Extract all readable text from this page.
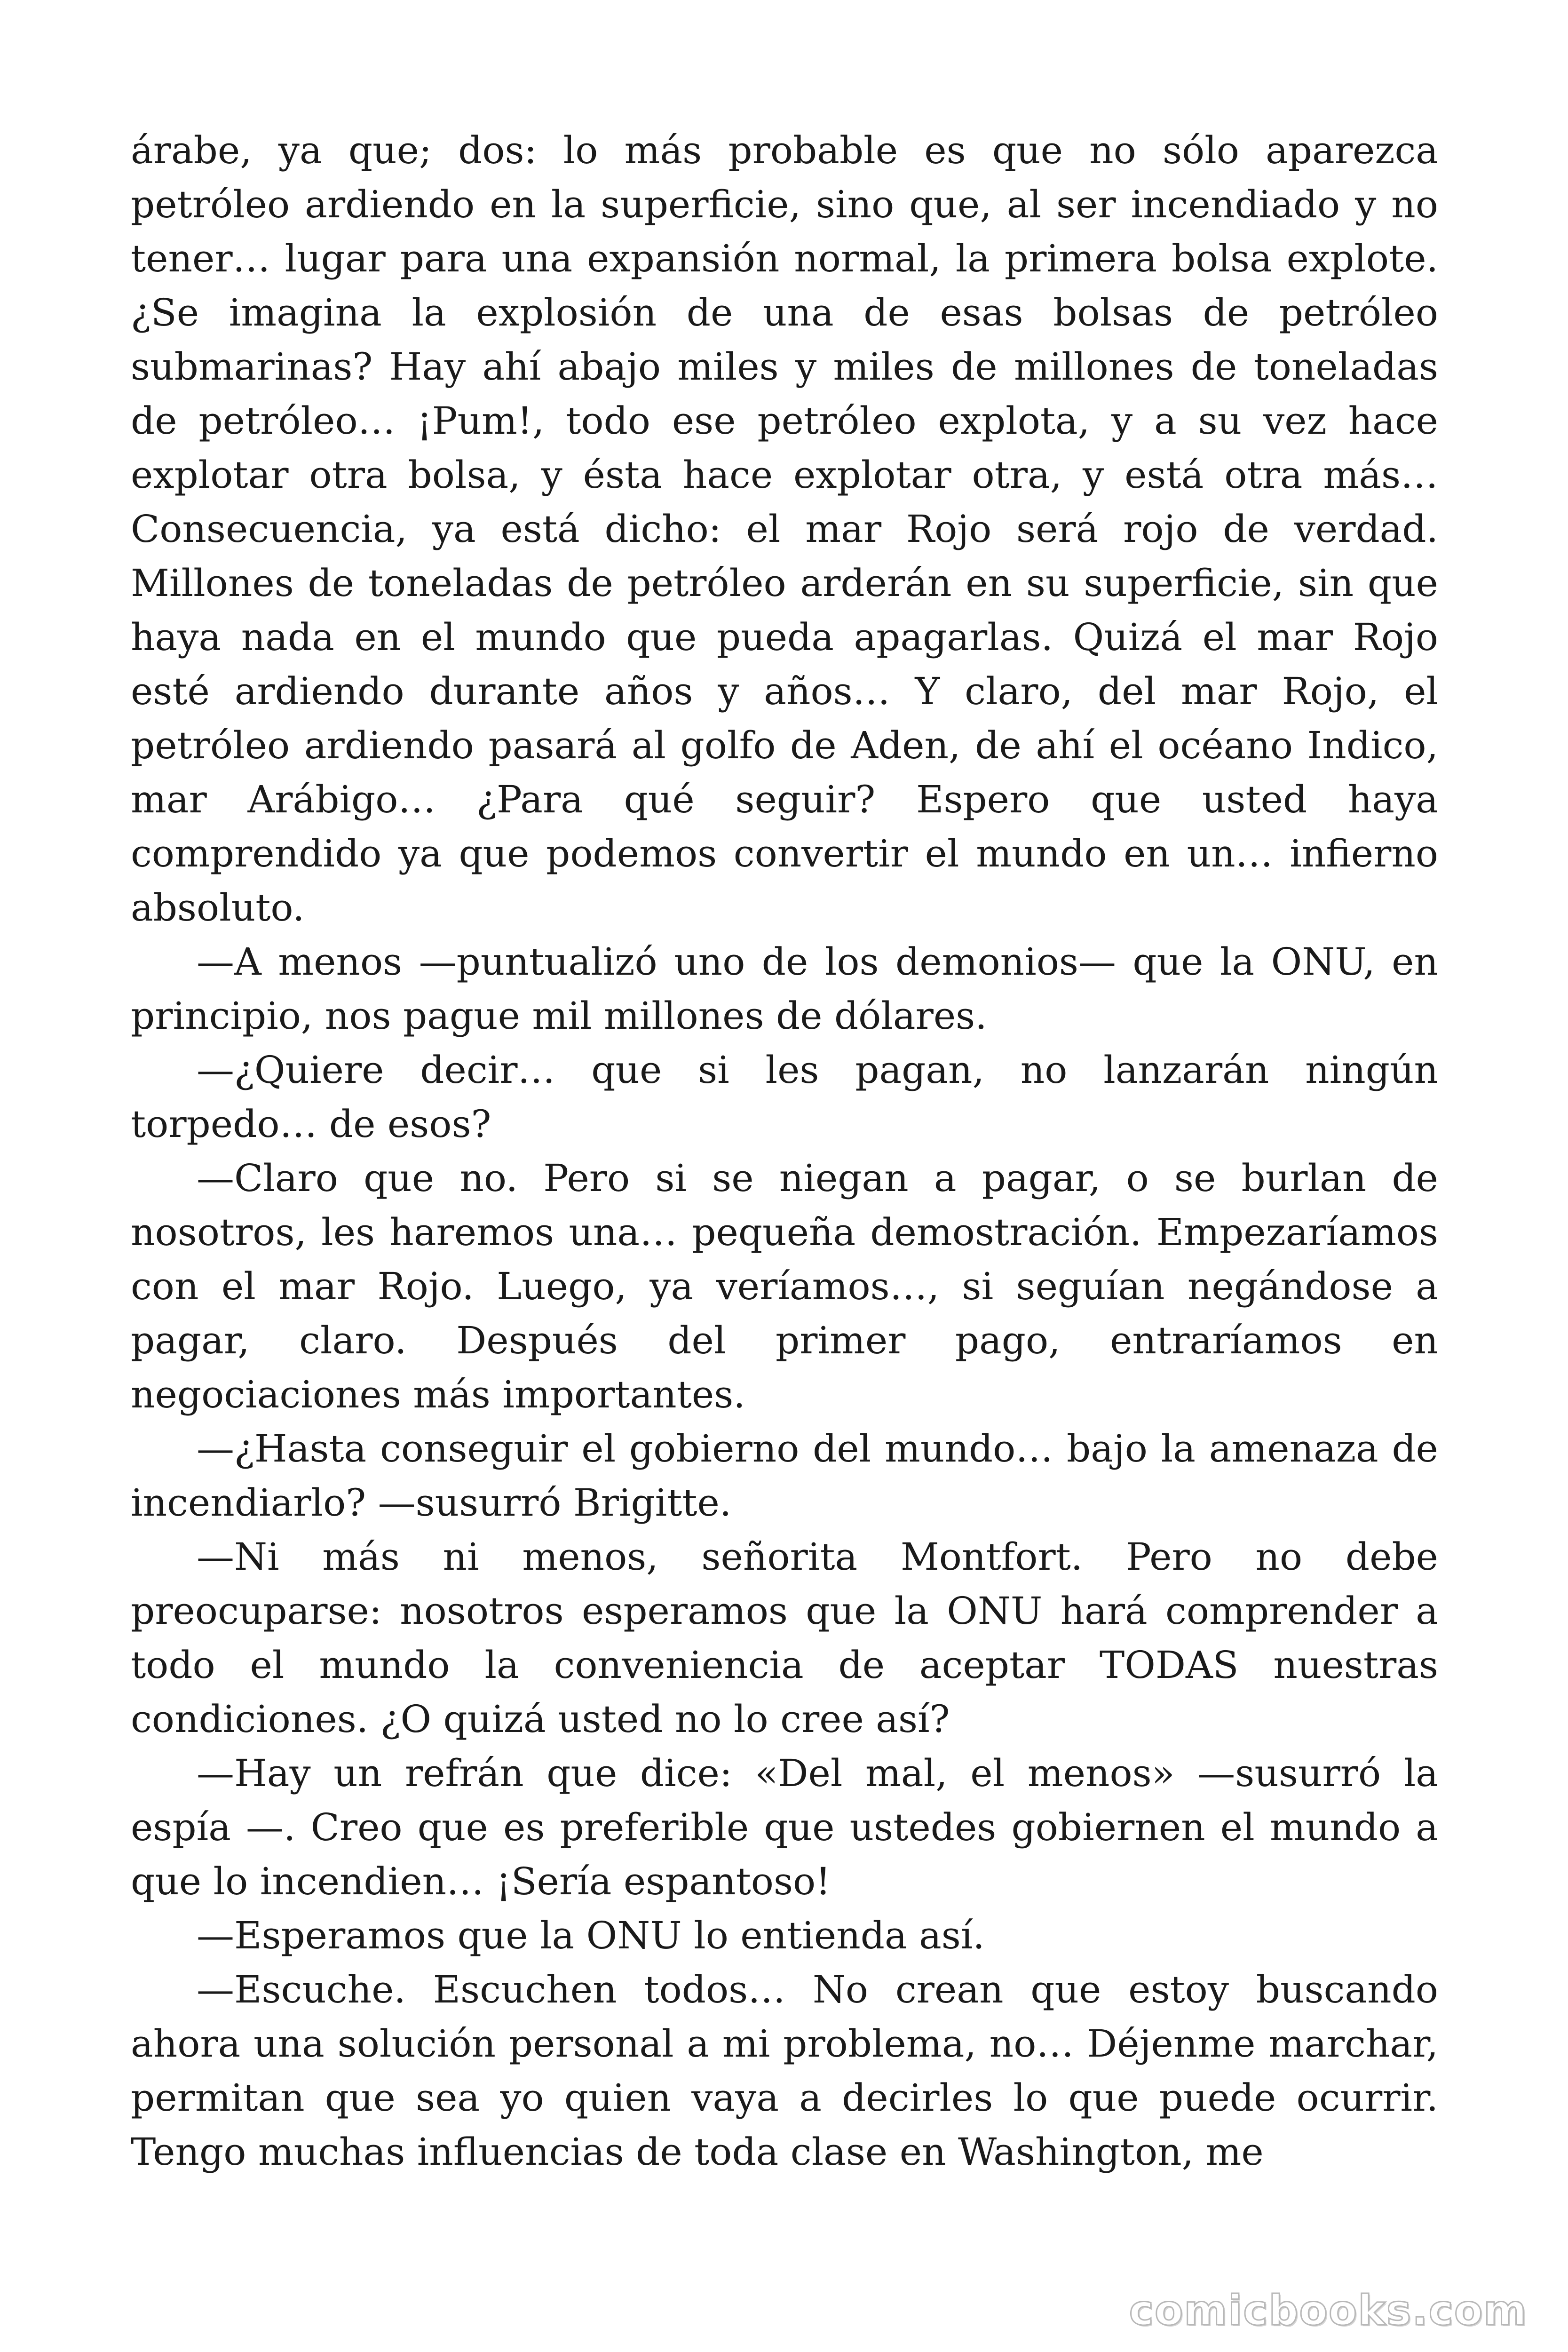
árabe, ya que; dos: lo más probable es que no sólo aparezca petróleo ardiendo en la superficie, sino que, al ser incendiado y no tener… lugar para una expansión normal, la primera bolsa explote. ¿Se imagina la explosión de una de esas bolsas de petróleo submarinas? Hay ahí abajo miles y miles de millones de toneladas de petróleo… ¡Pum!, todo ese petróleo explota, y a su vez hace explotar otra bolsa, y ésta hace explotar otra, y está otra más… Consecuencia, ya está dicho: el mar Rojo será rojo de verdad. Millones de toneladas de petróleo arderán en su superficie, sin que haya nada en el mundo que pueda apagarlas. Quizá el mar Rojo esté ardiendo durante años y años… Y claro, del mar Rojo, el petróleo ardiendo pasará al golfo de Aden, de ahí el océano Indico, mar Arábigo… ¿Para qué seguir? Espero que usted haya comprendido ya que podemos convertir el mundo en un… infierno absoluto.

—A menos —puntualizó uno de los demonios— que la ONU, en principio, nos pague mil millones de dólares.

—¿Quiere decir… que si les pagan, no lanzarán ningún torpedo… de esos?

—Claro que no. Pero si se niegan a pagar, o se burlan de nosotros, les haremos una… pequeña demostración. Empezaríamos con el mar Rojo. Luego, ya veríamos…, si seguían negándose a pagar, claro. Después del primer pago, entraríamos en negociaciones más importantes.

—¿Hasta conseguir el gobierno del mundo… bajo la amenaza de incendiarlo? —susurró Brigitte.

—Ni más ni menos, señorita Montfort. Pero no debe preocuparse: nosotros esperamos que la ONU hará comprender a todo el mundo la conveniencia de aceptar TODAS nuestras condiciones. ¿O quizá usted no lo cree así?

—Hay un refrán que dice: «Del mal, el menos» —susurró la espía —. Creo que es preferible que ustedes gobiernen el mundo a que lo incendien… ¡Sería espantoso!

—Esperamos que la ONU lo entienda así.

—Escuche. Escuchen todos… No crean que estoy buscando ahora una solución personal a mi problema, no… Déjenme marchar, permitan que sea yo quien vaya a decirles lo que puede ocurrir. Tengo muchas influencias de toda clase en Washington, me

comicbooks.com
